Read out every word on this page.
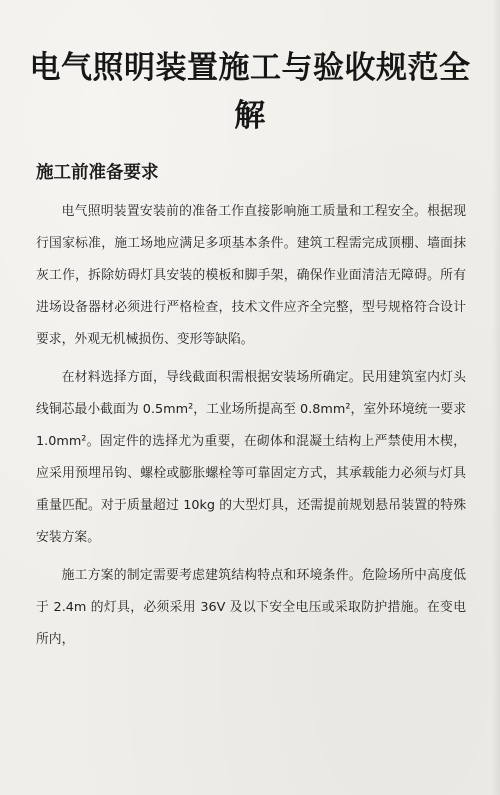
电气照明装置施工与验收规范全解
施工前准备要求

电气照明装置安装前的准备工作直接影响施工质量和工程安全。根据现行国家标准，施工场地应满足多项基本条件。建筑工程需完成顶棚、墙面抹灰工作，拆除妨碍灯具安装的模板和脚手架，确保作业面清洁无障碍。所有进场设备器材必须进行严格检查，技术文件应齐全完整，型号规格符合设计要求，外观无机械损伤、变形等缺陷。

在材料选择方面，导线截面积需根据安装场所确定。民用建筑室内灯头线铜芯最小截面为 0.5mm²，工业场所提高至 0.8mm²，室外环境统一要求 1.0mm²。固定件的选择尤为重要，在砌体和混凝土结构上严禁使用木楔，应采用预埋吊钩、螺栓或膨胀螺栓等可靠固定方式，其承载能力必须与灯具重量匹配。对于质量超过 10kg 的大型灯具，还需提前规划悬吊装置的特殊安装方案。

施工方案的制定需要考虑建筑结构特点和环境条件。危险场所中高度低于 2.4m 的灯具，必须采用 36V 及以下安全电压或采取防护措施。在变电所内，
